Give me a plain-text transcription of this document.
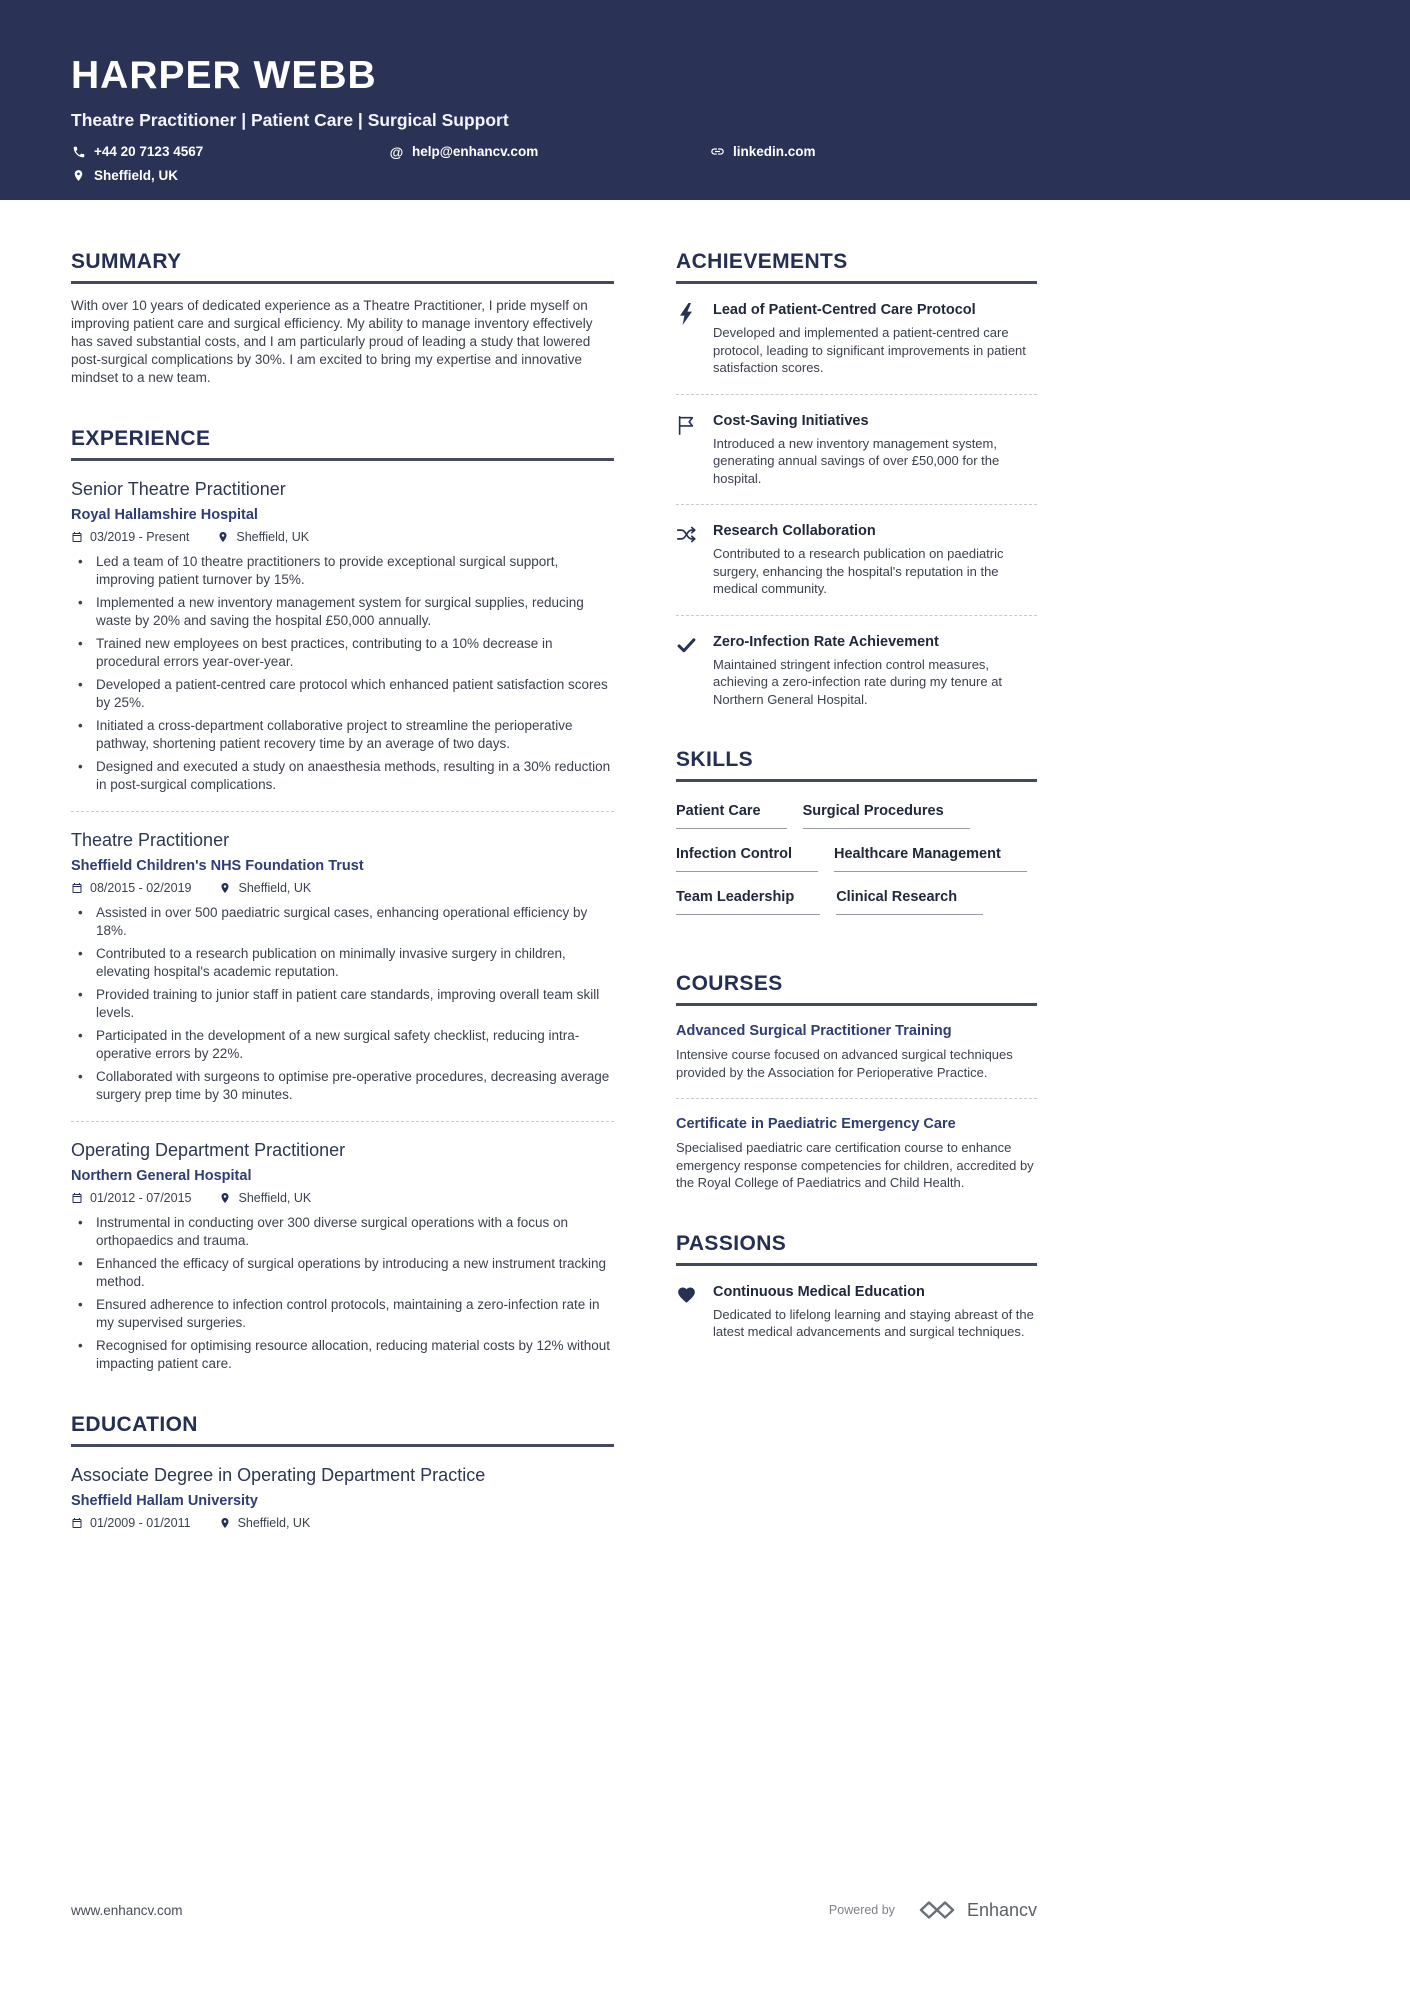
HARPER WEBB
Theatre Practitioner | Patient Care | Surgical Support
+44 20 7123 4567	@ help@enhancv.com	linkedin.com
Sheffield, UK
SUMMARY
With over 10 years of dedicated experience as a Theatre Practitioner, I pride myself on improving patient care and surgical efficiency. My ability to manage inventory effectively has saved substantial costs, and I am particularly proud of leading a study that lowered post-surgical complications by 30%. I am excited to bring my expertise and innovative mindset to a new team.
EXPERIENCE
Senior Theatre Practitioner
Royal Hallamshire Hospital
03/2019 - Present	Sheffield, UK
• Led a team of 10 theatre practitioners to provide exceptional surgical support, improving patient turnover by 15%.
• Implemented a new inventory management system for surgical supplies, reducing waste by 20% and saving the hospital £50,000 annually.
• Trained new employees on best practices, contributing to a 10% decrease in procedural errors year-over-year.
• Developed a patient-centred care protocol which enhanced patient satisfaction scores by 25%.
• Initiated a cross-department collaborative project to streamline the perioperative pathway, shortening patient recovery time by an average of two days.
• Designed and executed a study on anaesthesia methods, resulting in a 30% reduction in post-surgical complications.
Theatre Practitioner
Sheffield Children's NHS Foundation Trust
08/2015 - 02/2019	Sheffield, UK
• Assisted in over 500 paediatric surgical cases, enhancing operational efficiency by 18%.
• Contributed to a research publication on minimally invasive surgery in children, elevating hospital's academic reputation.
• Provided training to junior staff in patient care standards, improving overall team skill levels.
• Participated in the development of a new surgical safety checklist, reducing intra-operative errors by 22%.
• Collaborated with surgeons to optimise pre-operative procedures, decreasing average surgery prep time by 30 minutes.
Operating Department Practitioner
Northern General Hospital
01/2012 - 07/2015	Sheffield, UK
• Instrumental in conducting over 300 diverse surgical operations with a focus on orthopaedics and trauma.
• Enhanced the efficacy of surgical operations by introducing a new instrument tracking method.
• Ensured adherence to infection control protocols, maintaining a zero-infection rate in my supervised surgeries.
• Recognised for optimising resource allocation, reducing material costs by 12% without impacting patient care.
EDUCATION
Associate Degree in Operating Department Practice
Sheffield Hallam University
01/2009 - 01/2011	Sheffield, UK
ACHIEVEMENTS
Lead of Patient-Centred Care Protocol
Developed and implemented a patient-centred care protocol, leading to significant improvements in patient satisfaction scores.
Cost-Saving Initiatives
Introduced a new inventory management system, generating annual savings of over £50,000 for the hospital.
Research Collaboration
Contributed to a research publication on paediatric surgery, enhancing the hospital's reputation in the medical community.
Zero-Infection Rate Achievement
Maintained stringent infection control measures, achieving a zero-infection rate during my tenure at Northern General Hospital.
SKILLS
Patient Care	Surgical Procedures
Infection Control	Healthcare Management
Team Leadership	Clinical Research
COURSES
Advanced Surgical Practitioner Training
Intensive course focused on advanced surgical techniques provided by the Association for Perioperative Practice.
Certificate in Paediatric Emergency Care
Specialised paediatric care certification course to enhance emergency response competencies for children, accredited by the Royal College of Paediatrics and Child Health.
PASSIONS
Continuous Medical Education
Dedicated to lifelong learning and staying abreast of the latest medical advancements and surgical techniques.
www.enhancv.com	Powered by	Enhancv
